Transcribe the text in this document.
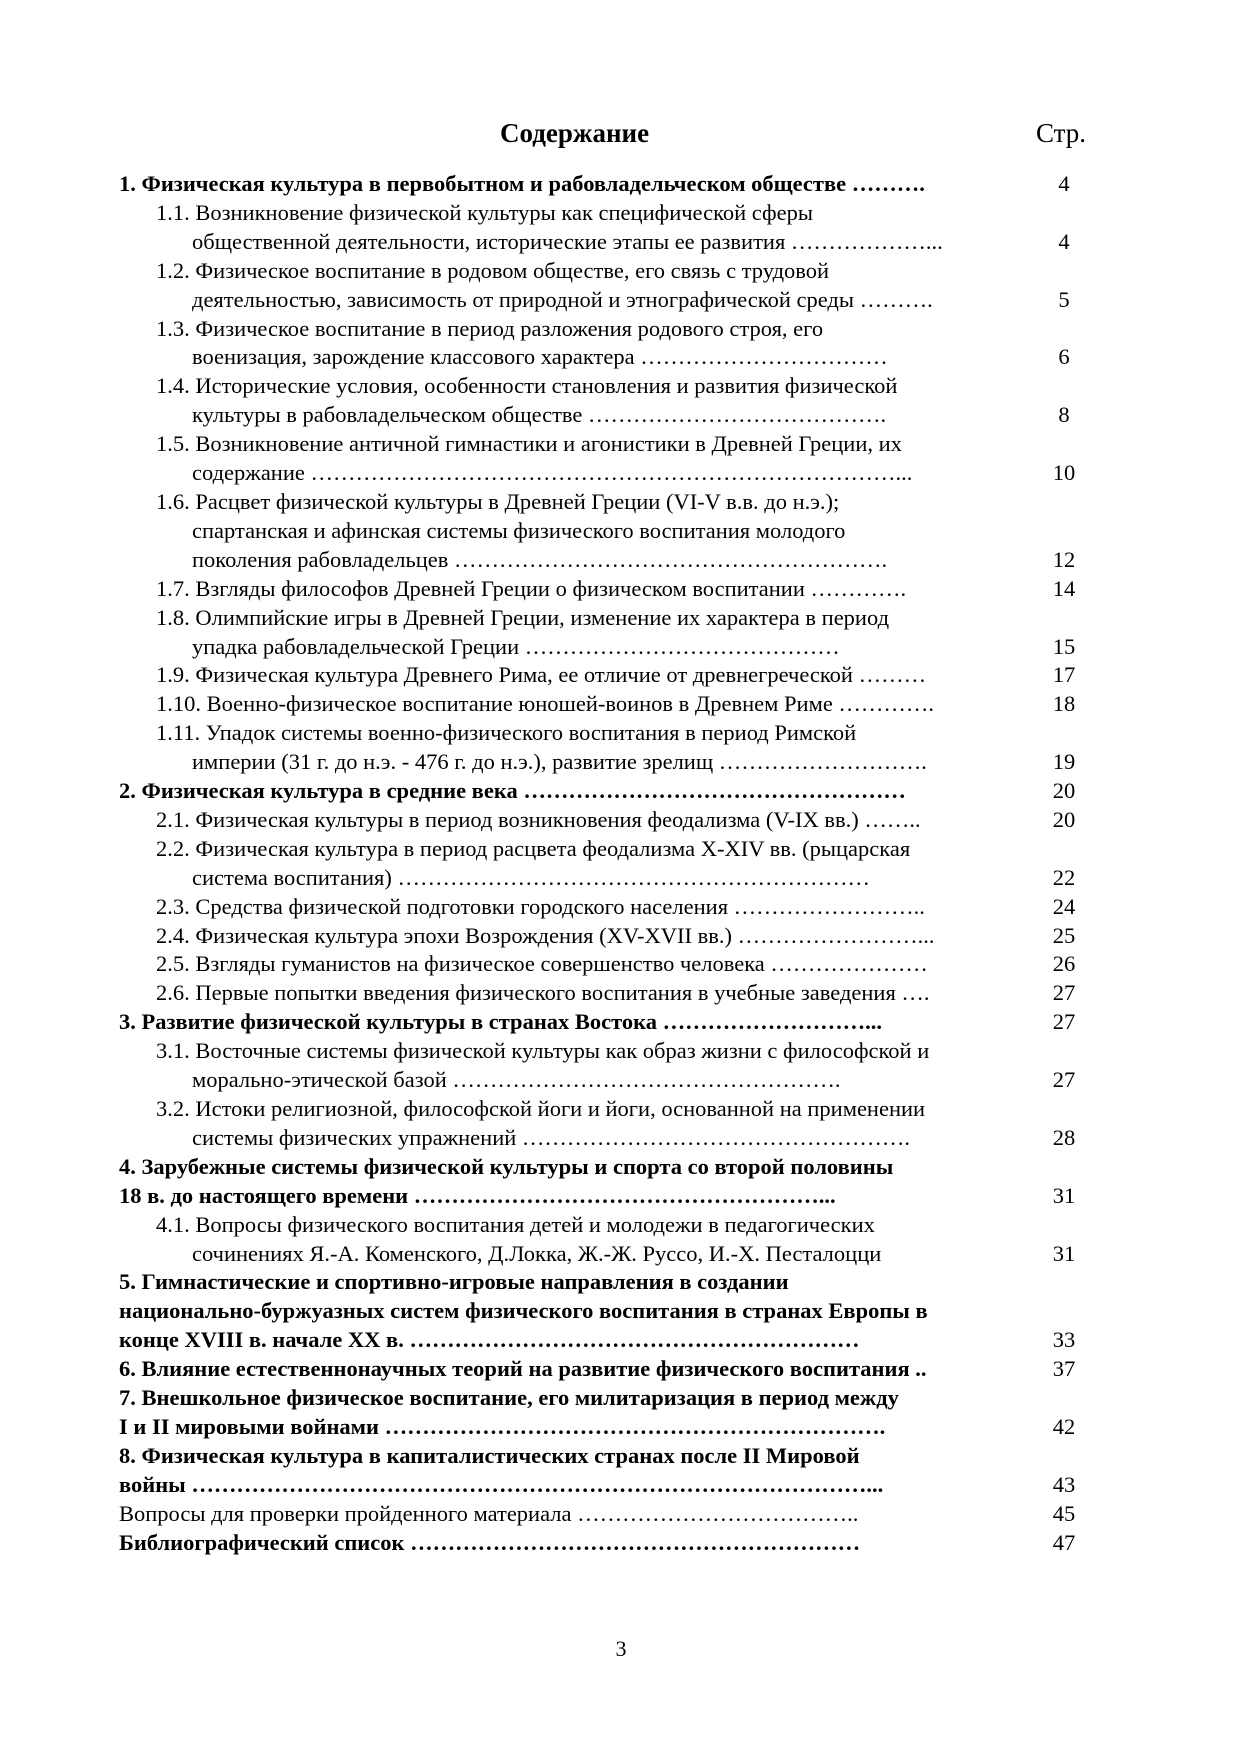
Содержание	Стр.
1. Физическая культура в первобытном и рабовладельческом обществе ……….	4
1.1. Возникновение физической культуры как специфической сферы
общественной деятельности, исторические этапы ее развития ………………...	4
1.2. Физическое воспитание в родовом обществе, его связь с трудовой
деятельностью, зависимость от природной и этнографической среды ……….	5
1.3. Физическое воспитание в период разложения родового строя, его
военизация, зарождение классового характера ……………………………	6
1.4. Исторические условия, особенности становления и развития физической
культуры в рабовладельческом обществе ………………………………….	8
1.5. Возникновение античной гимнастики и агонистики в Древней Греции, их
содержание ……………………………………………………………………...	10
1.6. Расцвет физической культуры в Древней Греции (VI-V в.в. до н.э.);
спартанская и афинская системы физического воспитания молодого
поколения рабовладельцев ………………………………………………….	12
1.7. Взгляды философов Древней Греции о физическом воспитании ………….	14
1.8. Олимпийские игры в Древней Греции, изменение их характера в период
упадка рабовладельческой Греции ……………………………………	15
1.9. Физическая культура Древнего Рима, ее отличие от древнегреческой ………	17
1.10. Военно-физическое воспитание юношей-воинов в Древнем Риме ………….	18
1.11. Упадок системы военно-физического воспитания в период Римской
империи (31 г. до н.э. - 476 г. до н.э.), развитие зрелищ ……………………….	19
2. Физическая культура в средние века ……………………………………………	20
2.1. Физическая культуры в период возникновения феодализма (V-IX вв.) ……..	20
2.2. Физическая культура в период расцвета феодализма X-XIV вв. (рыцарская
система воспитания) ………………………………………………………	22
2.3. Средства физической подготовки городского населения ……………………..	24
2.4. Физическая культура эпохи Возрождения (XV-XVII вв.) ……………………...	25
2.5. Взгляды гуманистов на физическое совершенство человека …………………	26
2.6. Первые попытки введения физического воспитания в учебные заведения ….	27
3. Развитие физической культуры в странах Востока ………………………...	27
3.1. Восточные системы физической культуры как образ жизни с философской и
морально-этической базой …………………………………………….	27
3.2. Истоки религиозной, философской йоги и йоги, основанной на применении
системы физических упражнений …………………………………………….	28
4. Зарубежные системы физической культуры и спорта со второй половины
18 в. до настоящего времени ………………………………………………...	31
4.1. Вопросы физического воспитания детей и молодежи в педагогических
сочинениях Я.-А. Коменского, Д.Локка, Ж.-Ж. Руссо, И.-Х. Песталоцци	31
5. Гимнастические и спортивно-игровые направления в создании
национально-буржуазных систем физического воспитания в странах Европы в
конце XVIII в. начале XX в. ……………………………………………………	33
6. Влияние естественнонаучных теорий на развитие физического воспитания ..	37
7. Внешкольное физическое воспитание, его милитаризация в период между
I и II мировыми войнами ………………………………………………………….	42
8. Физическая культура в капиталистических странах после II Мировой
войны ………………………………………………………………………………...	43
Вопросы для проверки пройденного материала ………………………………..	45
Библиографический список ……………………………………………………	47
3
